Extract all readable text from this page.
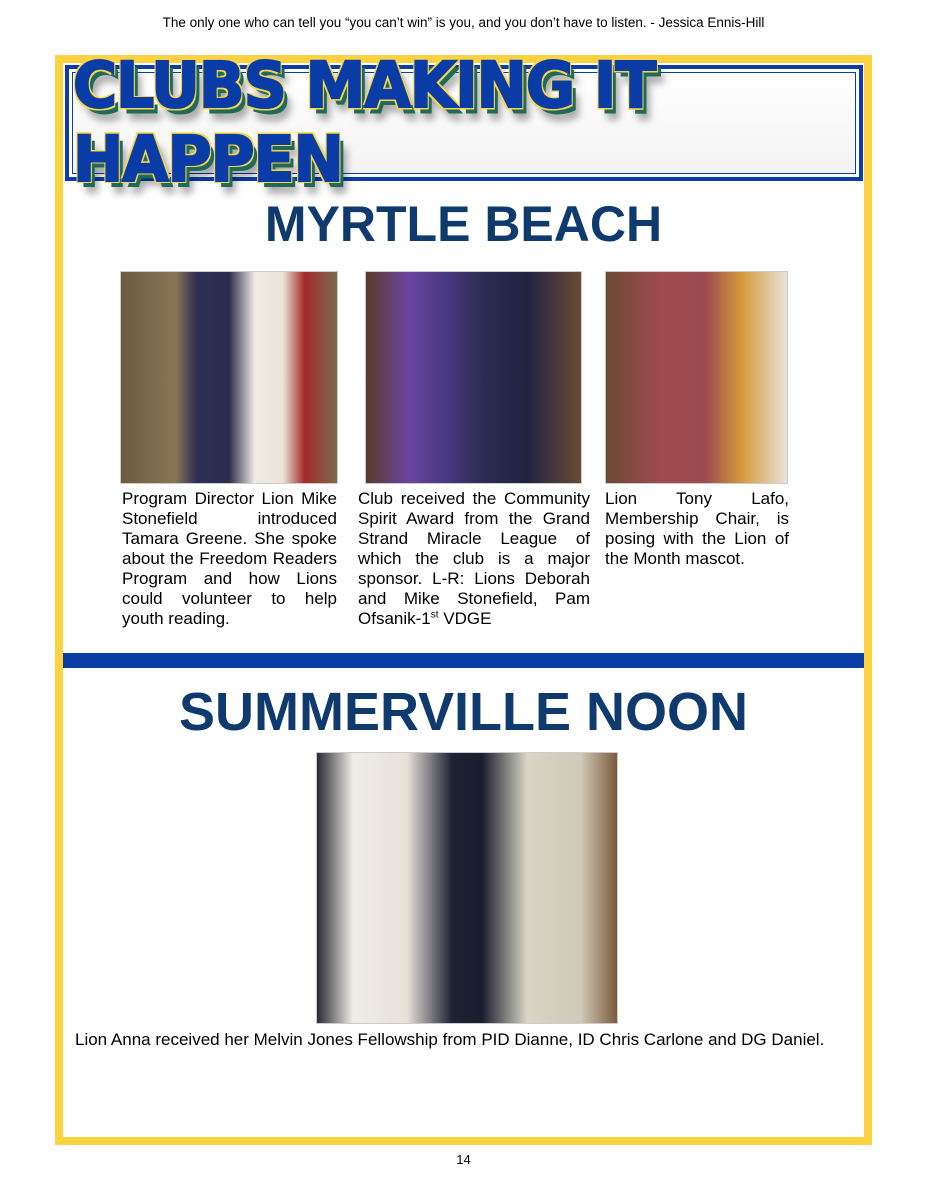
The only one who can tell you “you can’t win” is you, and you don’t have to listen. - Jessica Ennis-Hill
CLUBS MAKING IT HAPPEN
MYRTLE BEACH
Program Director Lion Mike Stonefield introduced Tamara Greene. She spoke about the Freedom Readers Program and how Lions could volunteer to help youth reading.
Club received the Community Spirit Award from the Grand Strand Miracle League of which the club is a major sponsor. L-R: Lions Deborah and Mike Stonefield, Pam Ofsanik-1st VDGE
Lion Tony Lafo, Membership Chair, is posing with the Lion of the Month mascot.
SUMMERVILLE NOON
Lion Anna received her Melvin Jones Fellowship from PID Dianne, ID Chris Carlone and DG Daniel.
14
